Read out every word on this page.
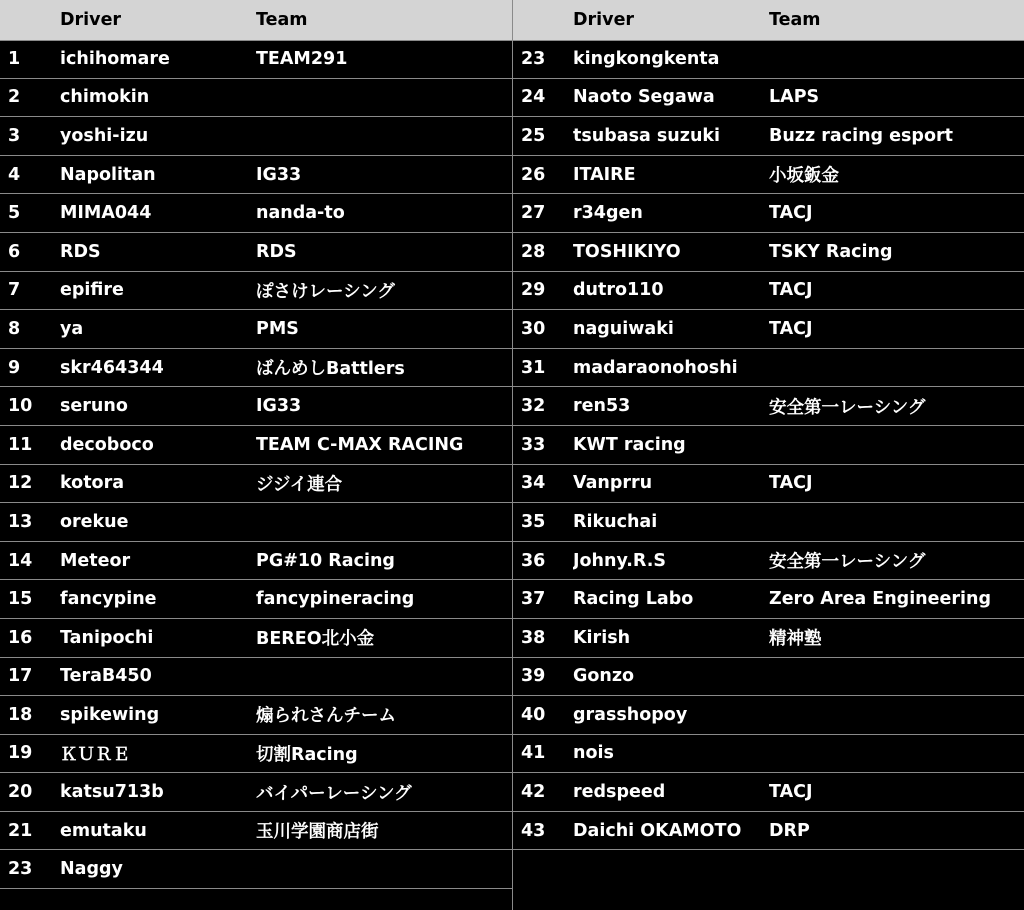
Driver	Team
1	ichihomare	TEAM291
2	chimokin
3	yoshi-izu
4	Napolitan	IG33
5	MIMA044	nanda-to
6	RDS	RDS
7	epifire	ぽさけレーシング
8	ya	PMS
9	skr464344	ばんめしBattlers
10	seruno	IG33
11	decoboco	TEAM C-MAX RACING
12	kotora	ジジイ連合
13	orekue
14	Meteor	PG#10 Racing
15	fancypine	fancypineracing
16	Tanipochi	BEREO北小金
17	TeraB450
18	spikewing	煽られさんチーム
19	ＫＵＲＥ	切割Racing
20	katsu713b	バイパーレーシング
21	emutaku	玉川学園商店街
23	Naggy
Driver	Team
23	kingkongkenta
24	Naoto Segawa	LAPS
25	tsubasa suzuki	Buzz racing esport
26	ITAIRE	小坂鈑金
27	r34gen	TACJ
28	TOSHIKIYO	TSKY Racing
29	dutro110	TACJ
30	naguiwaki	TACJ
31	madaraonohoshi
32	ren53	安全第一レーシング
33	KWT racing
34	Vanprru	TACJ
35	Rikuchai
36	Johny.R.S	安全第一レーシング
37	Racing Labo	Zero Area Engineering
38	Kirish	精神塾
39	Gonzo
40	grasshopoy
41	nois
42	redspeed	TACJ
43	Daichi OKAMOTO	DRP
